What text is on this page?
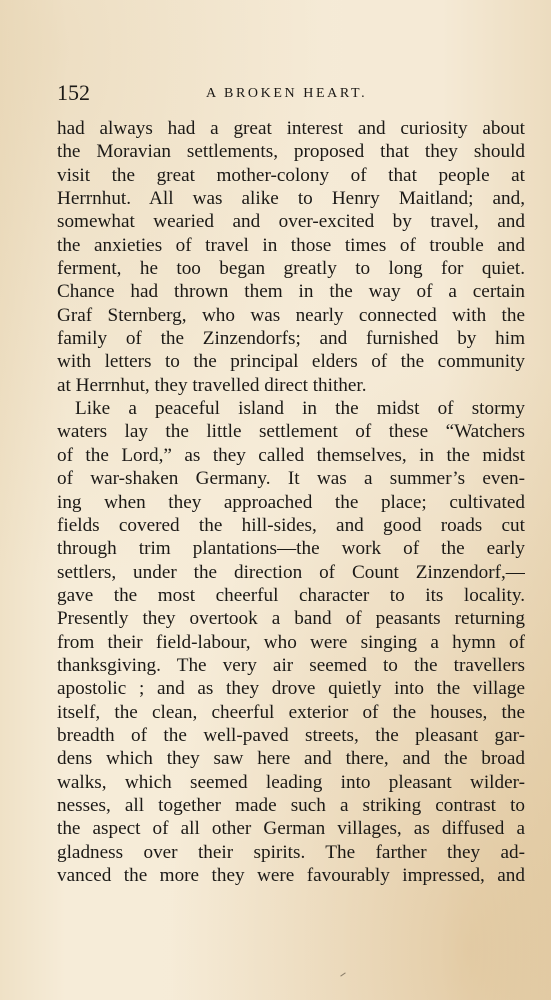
152	A BROKEN HEART.
had always had a great interest and curiosity about
the Moravian settlements, proposed that they should
visit the great mother-colony of that people at
Herrnhut. All was alike to Henry Maitland; and,
somewhat wearied and over-excited by travel, and
the anxieties of travel in those times of trouble and
ferment, he too began greatly to long for quiet.
Chance had thrown them in the way of a certain
Graf Sternberg, who was nearly connected with the
family of the Zinzendorfs; and furnished by him
with letters to the principal elders of the community
at Herrnhut, they travelled direct thither.
Like a peaceful island in the midst of stormy
waters lay the little settlement of these “Watchers
of the Lord,” as they called themselves, in the midst
of war-shaken Germany. It was a summer’s even-
ing when they approached the place; cultivated
fields covered the hill-sides, and good roads cut
through trim plantations—the work of the early
settlers, under the direction of Count Zinzendorf,—
gave the most cheerful character to its locality.
Presently they overtook a band of peasants returning
from their field-labour, who were singing a hymn of
thanksgiving. The very air seemed to the travellers
apostolic ; and as they drove quietly into the village
itself, the clean, cheerful exterior of the houses, the
breadth of the well-paved streets, the pleasant gar-
dens which they saw here and there, and the broad
walks, which seemed leading into pleasant wilder-
nesses, all together made such a striking contrast to
the aspect of all other German villages, as diffused a
gladness over their spirits. The farther they ad-
vanced the more they were favourably impressed, and
